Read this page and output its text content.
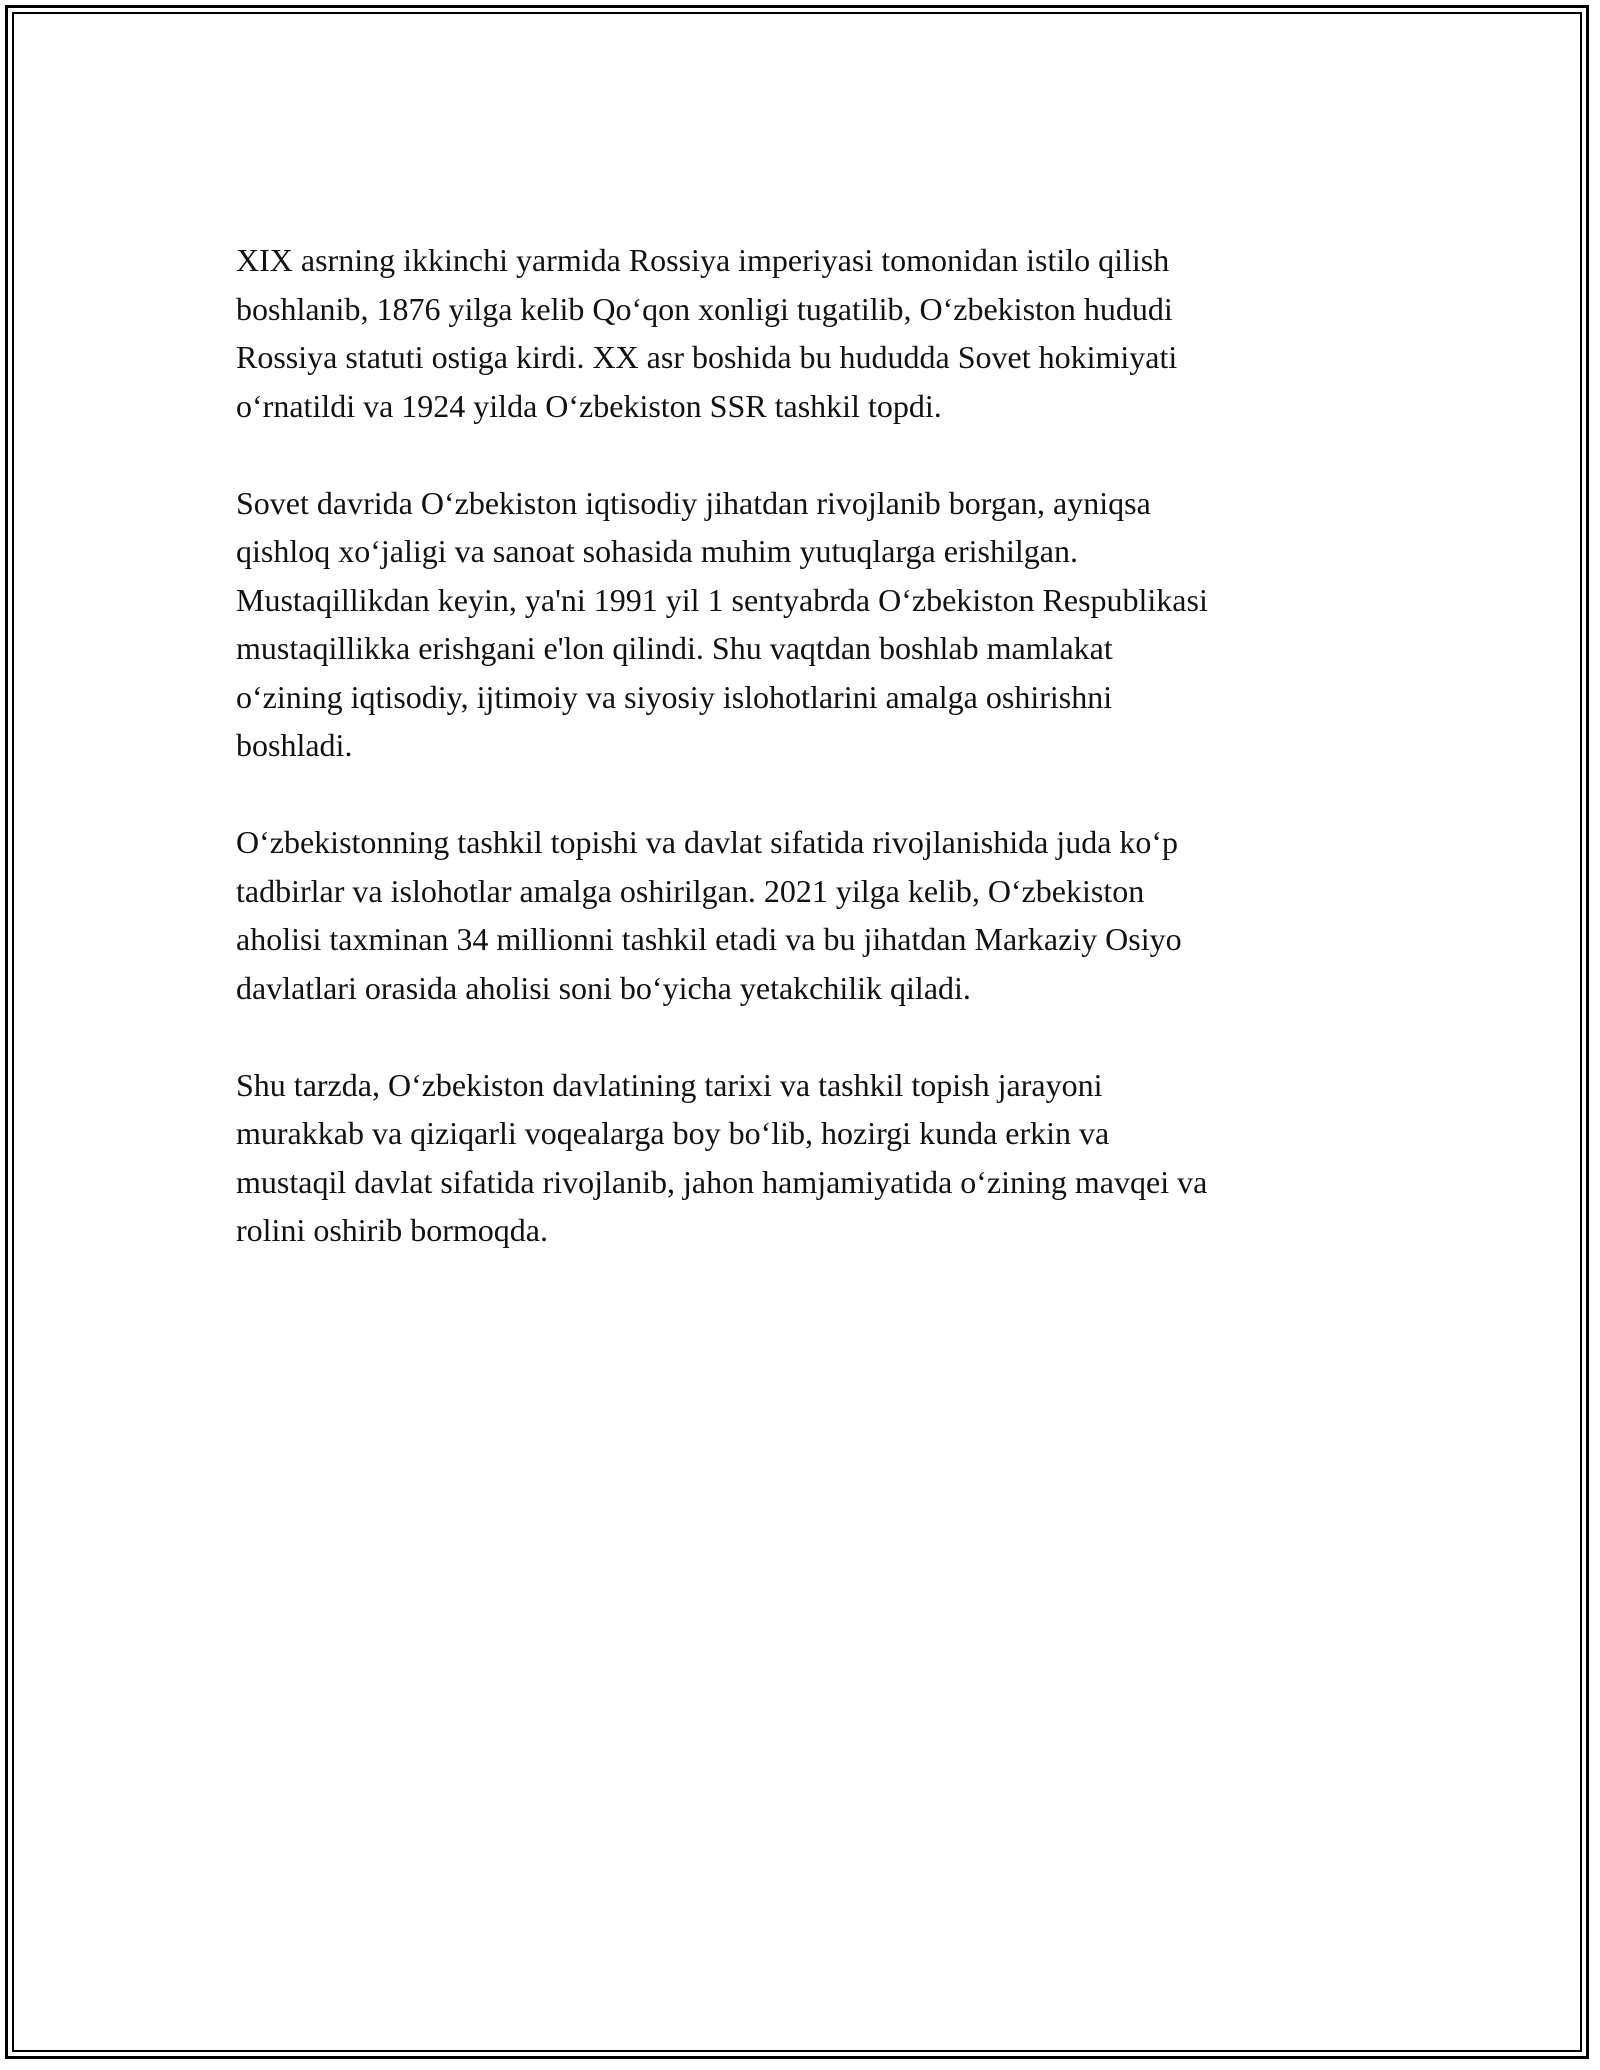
XIX asrning ikkinchi yarmida Rossiya imperiyasi tomonidan istilo qilish
boshlanib, 1876 yilga kelib Qo‘qon xonligi tugatilib, O‘zbekiston hududi
Rossiya statuti ostiga kirdi. XX asr boshida bu hududda Sovet hokimiyati
o‘rnatildi va 1924 yilda O‘zbekiston SSR tashkil topdi.

Sovet davrida O‘zbekiston iqtisodiy jihatdan rivojlanib borgan, ayniqsa
qishloq xo‘jaligi va sanoat sohasida muhim yutuqlarga erishilgan.
Mustaqillikdan keyin, ya'ni 1991 yil 1 sentyabrda O‘zbekiston Respublikasi
mustaqillikka erishgani e'lon qilindi. Shu vaqtdan boshlab mamlakat
o‘zining iqtisodiy, ijtimoiy va siyosiy islohotlarini amalga oshirishni
boshladi.

O‘zbekistonning tashkil topishi va davlat sifatida rivojlanishida juda ko‘p
tadbirlar va islohotlar amalga oshirilgan. 2021 yilga kelib, O‘zbekiston
aholisi taxminan 34 millionni tashkil etadi va bu jihatdan Markaziy Osiyo
davlatlari orasida aholisi soni bo‘yicha yetakchilik qiladi.

Shu tarzda, O‘zbekiston davlatining tarixi va tashkil topish jarayoni
murakkab va qiziqarli voqealarga boy bo‘lib, hozirgi kunda erkin va
mustaqil davlat sifatida rivojlanib, jahon hamjamiyatida o‘zining mavqei va
rolini oshirib bormoqda.
